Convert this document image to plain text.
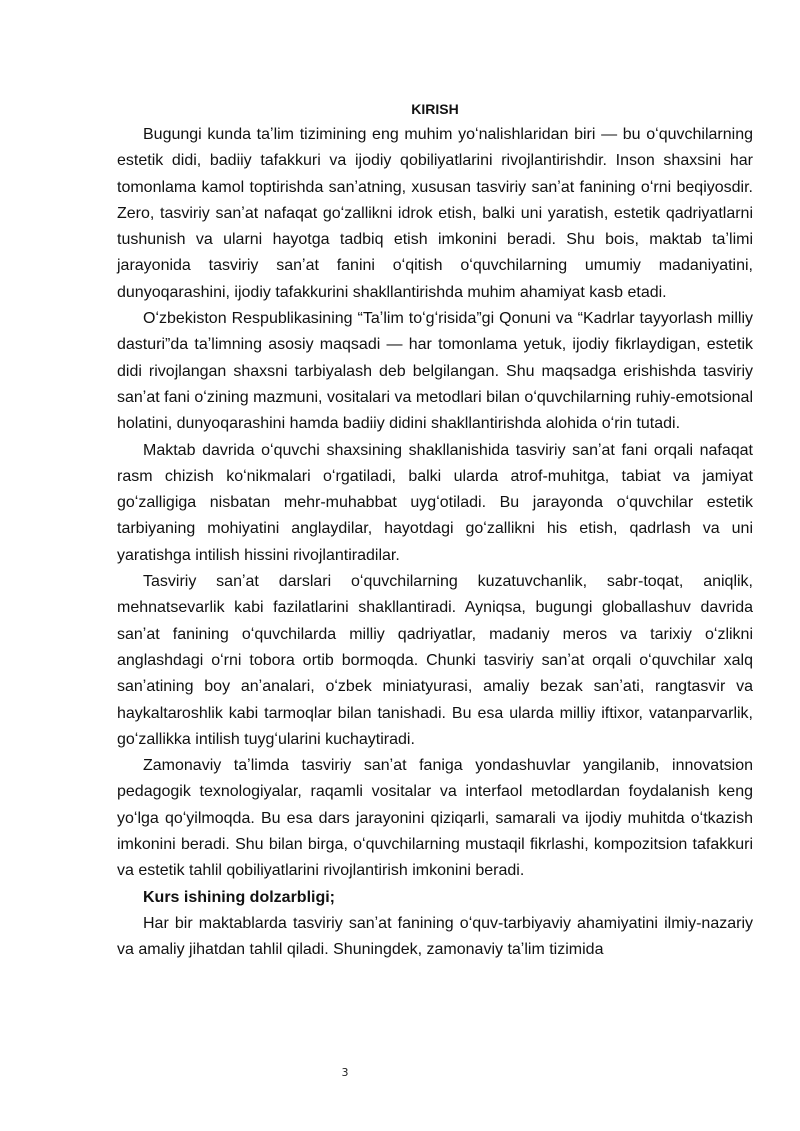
KIRISH

Bugungi kunda taʼlim tizimining eng muhim yoʻnalishlaridan biri — bu oʻquvchilarning estetik didi, badiiy tafakkuri va ijodiy qobiliyatlarini rivojlantirishdir. Inson shaxsini har tomonlama kamol toptirishda sanʼatning, xususan tasviriy sanʼat fanining oʻrni beqiyosdir. Zero, tasviriy sanʼat nafaqat goʻzallikni idrok etish, balki uni yaratish, estetik qadriyatlarni tushunish va ularni hayotga tadbiq etish imkonini beradi. Shu bois, maktab taʼlimi jarayonida tasviriy sanʼat fanini oʻqitish oʻquvchilarning umumiy madaniyatini, dunyoqarashini, ijodiy tafakkurini shakllantirishda muhim ahamiyat kasb etadi.

Oʻzbekiston Respublikasining “Taʼlim toʻgʻrisida”gi Qonuni va “Kadrlar tayyorlash milliy dasturi”da taʼlimning asosiy maqsadi — har tomonlama yetuk, ijodiy fikrlaydigan, estetik didi rivojlangan shaxsni tarbiyalash deb belgilangan. Shu maqsadga erishishda tasviriy sanʼat fani oʻzining mazmuni, vositalari va metodlari bilan oʻquvchilarning ruhiy-emotsional holatini, dunyoqarashini hamda badiiy didini shakllantirishda alohida oʻrin tutadi.

Maktab davrida oʻquvchi shaxsining shakllanishida tasviriy sanʼat fani orqali nafaqat rasm chizish koʻnikmalari oʻrgatiladi, balki ularda atrof-muhitga, tabiat va jamiyat goʻzalligiga nisbatan mehr-muhabbat uygʻotiladi. Bu jarayonda oʻquvchilar estetik tarbiyaning mohiyatini anglaydilar, hayotdagi goʻzallikni his etish, qadrlash va uni yaratishga intilish hissini rivojlantiradilar.

Tasviriy sanʼat darslari oʻquvchilarning kuzatuvchanlik, sabr-toqat, aniqlik, mehnatsevarlik kabi fazilatlarini shakllantiradi. Ayniqsa, bugungi globallashuv davrida sanʼat fanining oʻquvchilarda milliy qadriyatlar, madaniy meros va tarixiy oʻzlikni anglashdagi oʻrni tobora ortib bormoqda. Chunki tasviriy sanʼat orqali oʻquvchilar xalq sanʼatining boy anʼanalari, oʻzbek miniatyurasi, amaliy bezak sanʼati, rangtasvir va haykaltaroshlik kabi tarmoqlar bilan tanishadi. Bu esa ularda milliy iftixor, vatanparvarlik, goʻzallikka intilish tuygʻularini kuchaytiradi.

Zamonaviy taʼlimda tasviriy sanʼat faniga yondashuvlar yangilanib, innovatsion pedagogik texnologiyalar, raqamli vositalar va interfaol metodlardan foydalanish keng yoʻlga qoʻyilmoqda. Bu esa dars jarayonini qiziqarli, samarali va ijodiy muhitda oʻtkazish imkonini beradi. Shu bilan birga, oʻquvchilarning mustaqil fikrlashi, kompozitsion tafakkuri va estetik tahlil qobiliyatlarini rivojlantirish imkonini beradi.

Kurs ishining dolzarbligi;

Har bir maktablarda tasviriy sanʼat fanining oʻquv-tarbiyaviy ahamiyatini ilmiy-nazariy va amaliy jihatdan tahlil qiladi. Shuningdek, zamonaviy taʼlim tizimida

3
